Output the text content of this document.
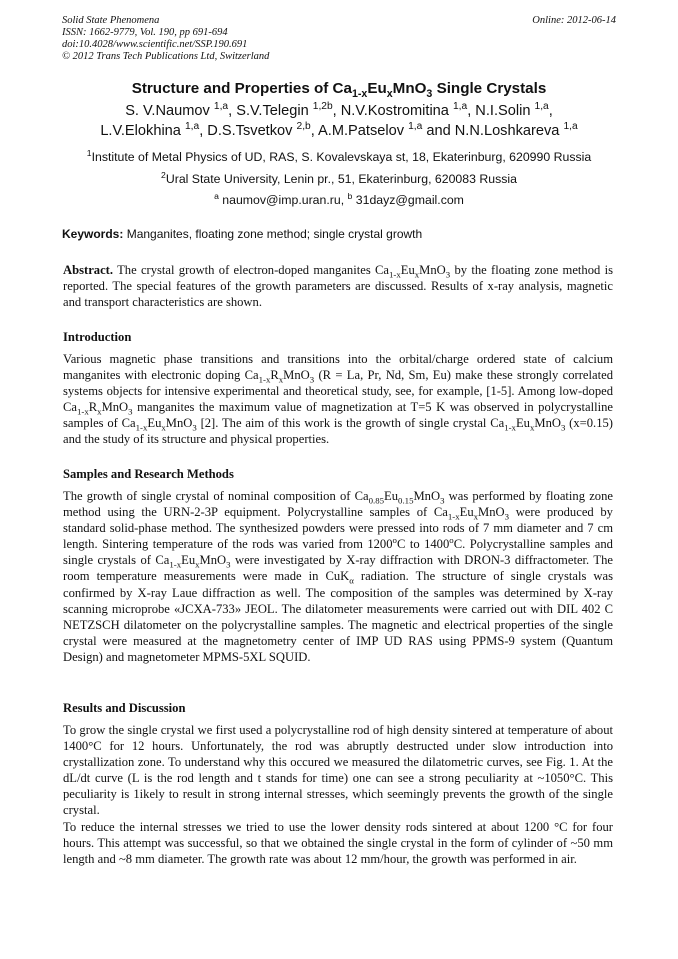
Solid State Phenomena
ISSN: 1662-9779, Vol. 190, pp 691-694
doi:10.4028/www.scientific.net/SSP.190.691
© 2012 Trans Tech Publications Ltd, Switzerland
Online: 2012-06-14
Structure and Properties of $Ca_{1-x}Eu_xMnO_3$ Single Crystals
S. V.Naumov $^{1,a}$, S.V.Telegin $^{1,2b}$, N.V.Kostromitina $^{1,a}$, N.I.Solin $^{1,a}$,
L.V.Elokhina $^{1,a}$, D.S.Tsvetkov $^{2,b}$, A.M.Patselov $^{1,a}$ and N.N.Loshkareva $^{1,a}$
$^1$Institute of Metal Physics of UD, RAS, S. Kovalevskaya st, 18, Ekaterinburg, 620990 Russia
$^2$Ural State University, Lenin pr., 51, Ekaterinburg, 620083 Russia
$^a$ naumov@imp.uran.ru, $^b$ 31dayz@gmail.com
Keywords: Manganites, floating zone method; single crystal growth
Abstract. The crystal growth of electron-doped manganites $Ca_{1-x}Eu_xMnO_3$ by the floating zone method is reported. The special features of the growth parameters are discussed. Results of x-ray analysis, magnetic and transport characteristics are shown.
Introduction
Various magnetic phase transitions and transitions into the orbital/charge ordered state of calcium manganites with electronic doping $Ca_{1-x}R_xMnO_3$ (R = La, Pr, Nd, Sm, Eu) make these strongly correlated systems objects for intensive experimental and theoretical study, see, for example, [1-5]. Among low-doped $Ca_{1-x}R_xMnO_3$ manganites the maximum value of magnetization at T=5 K was observed in polycrystalline samples of $Ca_{1-x}Eu_xMnO_3$ [2]. The aim of this work is the growth of single crystal $Ca_{1-x}Eu_xMnO_3$ (x=0.15) and the study of its structure and physical properties.
Samples and Research Methods
The growth of single crystal of nominal composition of $Ca_{0.85}Eu_{0.15}MnO_3$ was performed by floating zone method using the URN-2-3P equipment. Polycrystalline samples of $Ca_{1-x}Eu_xMnO_3$ were produced by standard solid-phase method. The synthesized powders were pressed into rods of 7 mm diameter and 7 cm length. Sintering temperature of the rods was varied from 1200$^o$C to 1400$^o$C. Polycrystalline samples and single crystals of $Ca_{1-x}Eu_xMnO_3$ were investigated by X-ray diffraction with DRON-3 diffractometer. The room temperature measurements were made in CuK$_\alpha$ radiation. The structure of single crystals was confirmed by X-ray Laue diffraction as well. The composition of the samples was determined by X-ray scanning microprobe «JCXA-733» JEOL. The dilatometer measurements were carried out with DIL 402 C NETZSCH dilatometer on the polycrystalline samples. The magnetic and electrical properties of the single crystal were measured at the magnetometry center of IMP UD RAS using PPMS-9 system (Quantum Design) and magnetometer MPMS-5XL SQUID.
Results and Discussion
To grow the single crystal we first used a polycrystalline rod of high density sintered at temperature of about 1400°C for 12 hours. Unfortunately, the rod was abruptly destructed under slow introduction into crystallization zone. To understand why this occured we measured the dilatometric curves, see Fig. 1. At the dL/dt curve (L is the rod length and t stands for time) one can see a strong peculiarity at ~1050°C. This peculiarity is 1ikely to result in strong internal stresses, which seemingly prevents the growth of the single crystal.
To reduce the internal stresses we tried to use the lower density rods sintered at about 1200 °C for four hours. This attempt was successful, so that we obtained the single crystal in the form of cylinder of ~50 mm length and ~8 mm diameter. The growth rate was about 12 mm/hour, the growth was performed in air.
